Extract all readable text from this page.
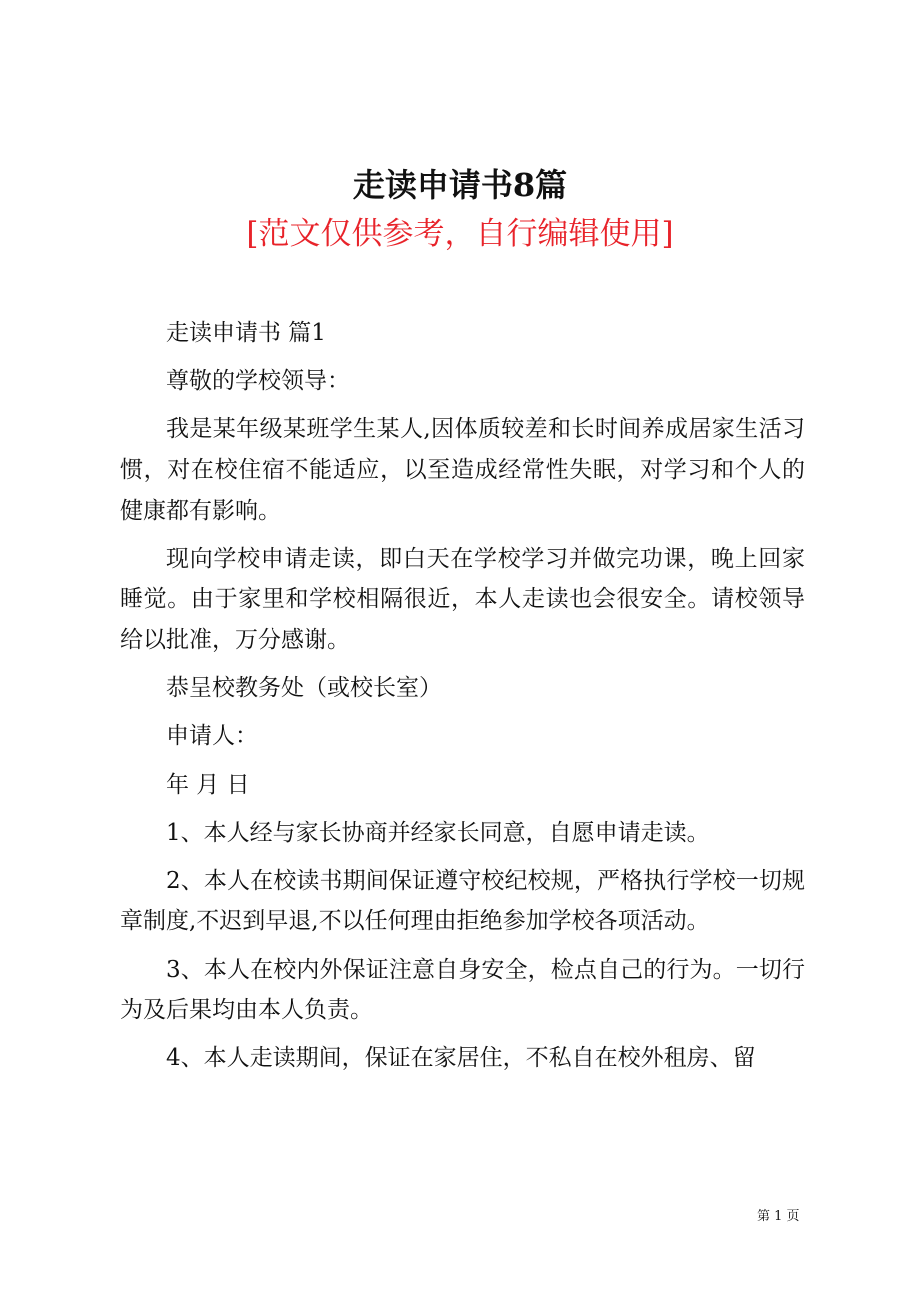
走读申请书8篇
[范文仅供参考，自行编辑使用]

走读申请书 篇1

尊敬的学校领导：

我是某年级某班学生某人,因体质较差和长时间养成居家生活习惯，对在校住宿不能适应，以至造成经常性失眠，对学习和个人的健康都有影响。

现向学校申请走读，即白天在学校学习并做完功课，晚上回家睡觉。由于家里和学校相隔很近，本人走读也会很安全。请校领导给以批准，万分感谢。

恭呈校教务处（或校长室）

申请人：

年 月 日

1、本人经与家长协商并经家长同意，自愿申请走读。

2、本人在校读书期间保证遵守校纪校规，严格执行学校一切规章制度,不迟到早退,不以任何理由拒绝参加学校各项活动。

3、本人在校内外保证注意自身安全，检点自己的行为。一切行为及后果均由本人负责。

4、本人走读期间，保证在家居住，不私自在校外租房、留

第 1 页
